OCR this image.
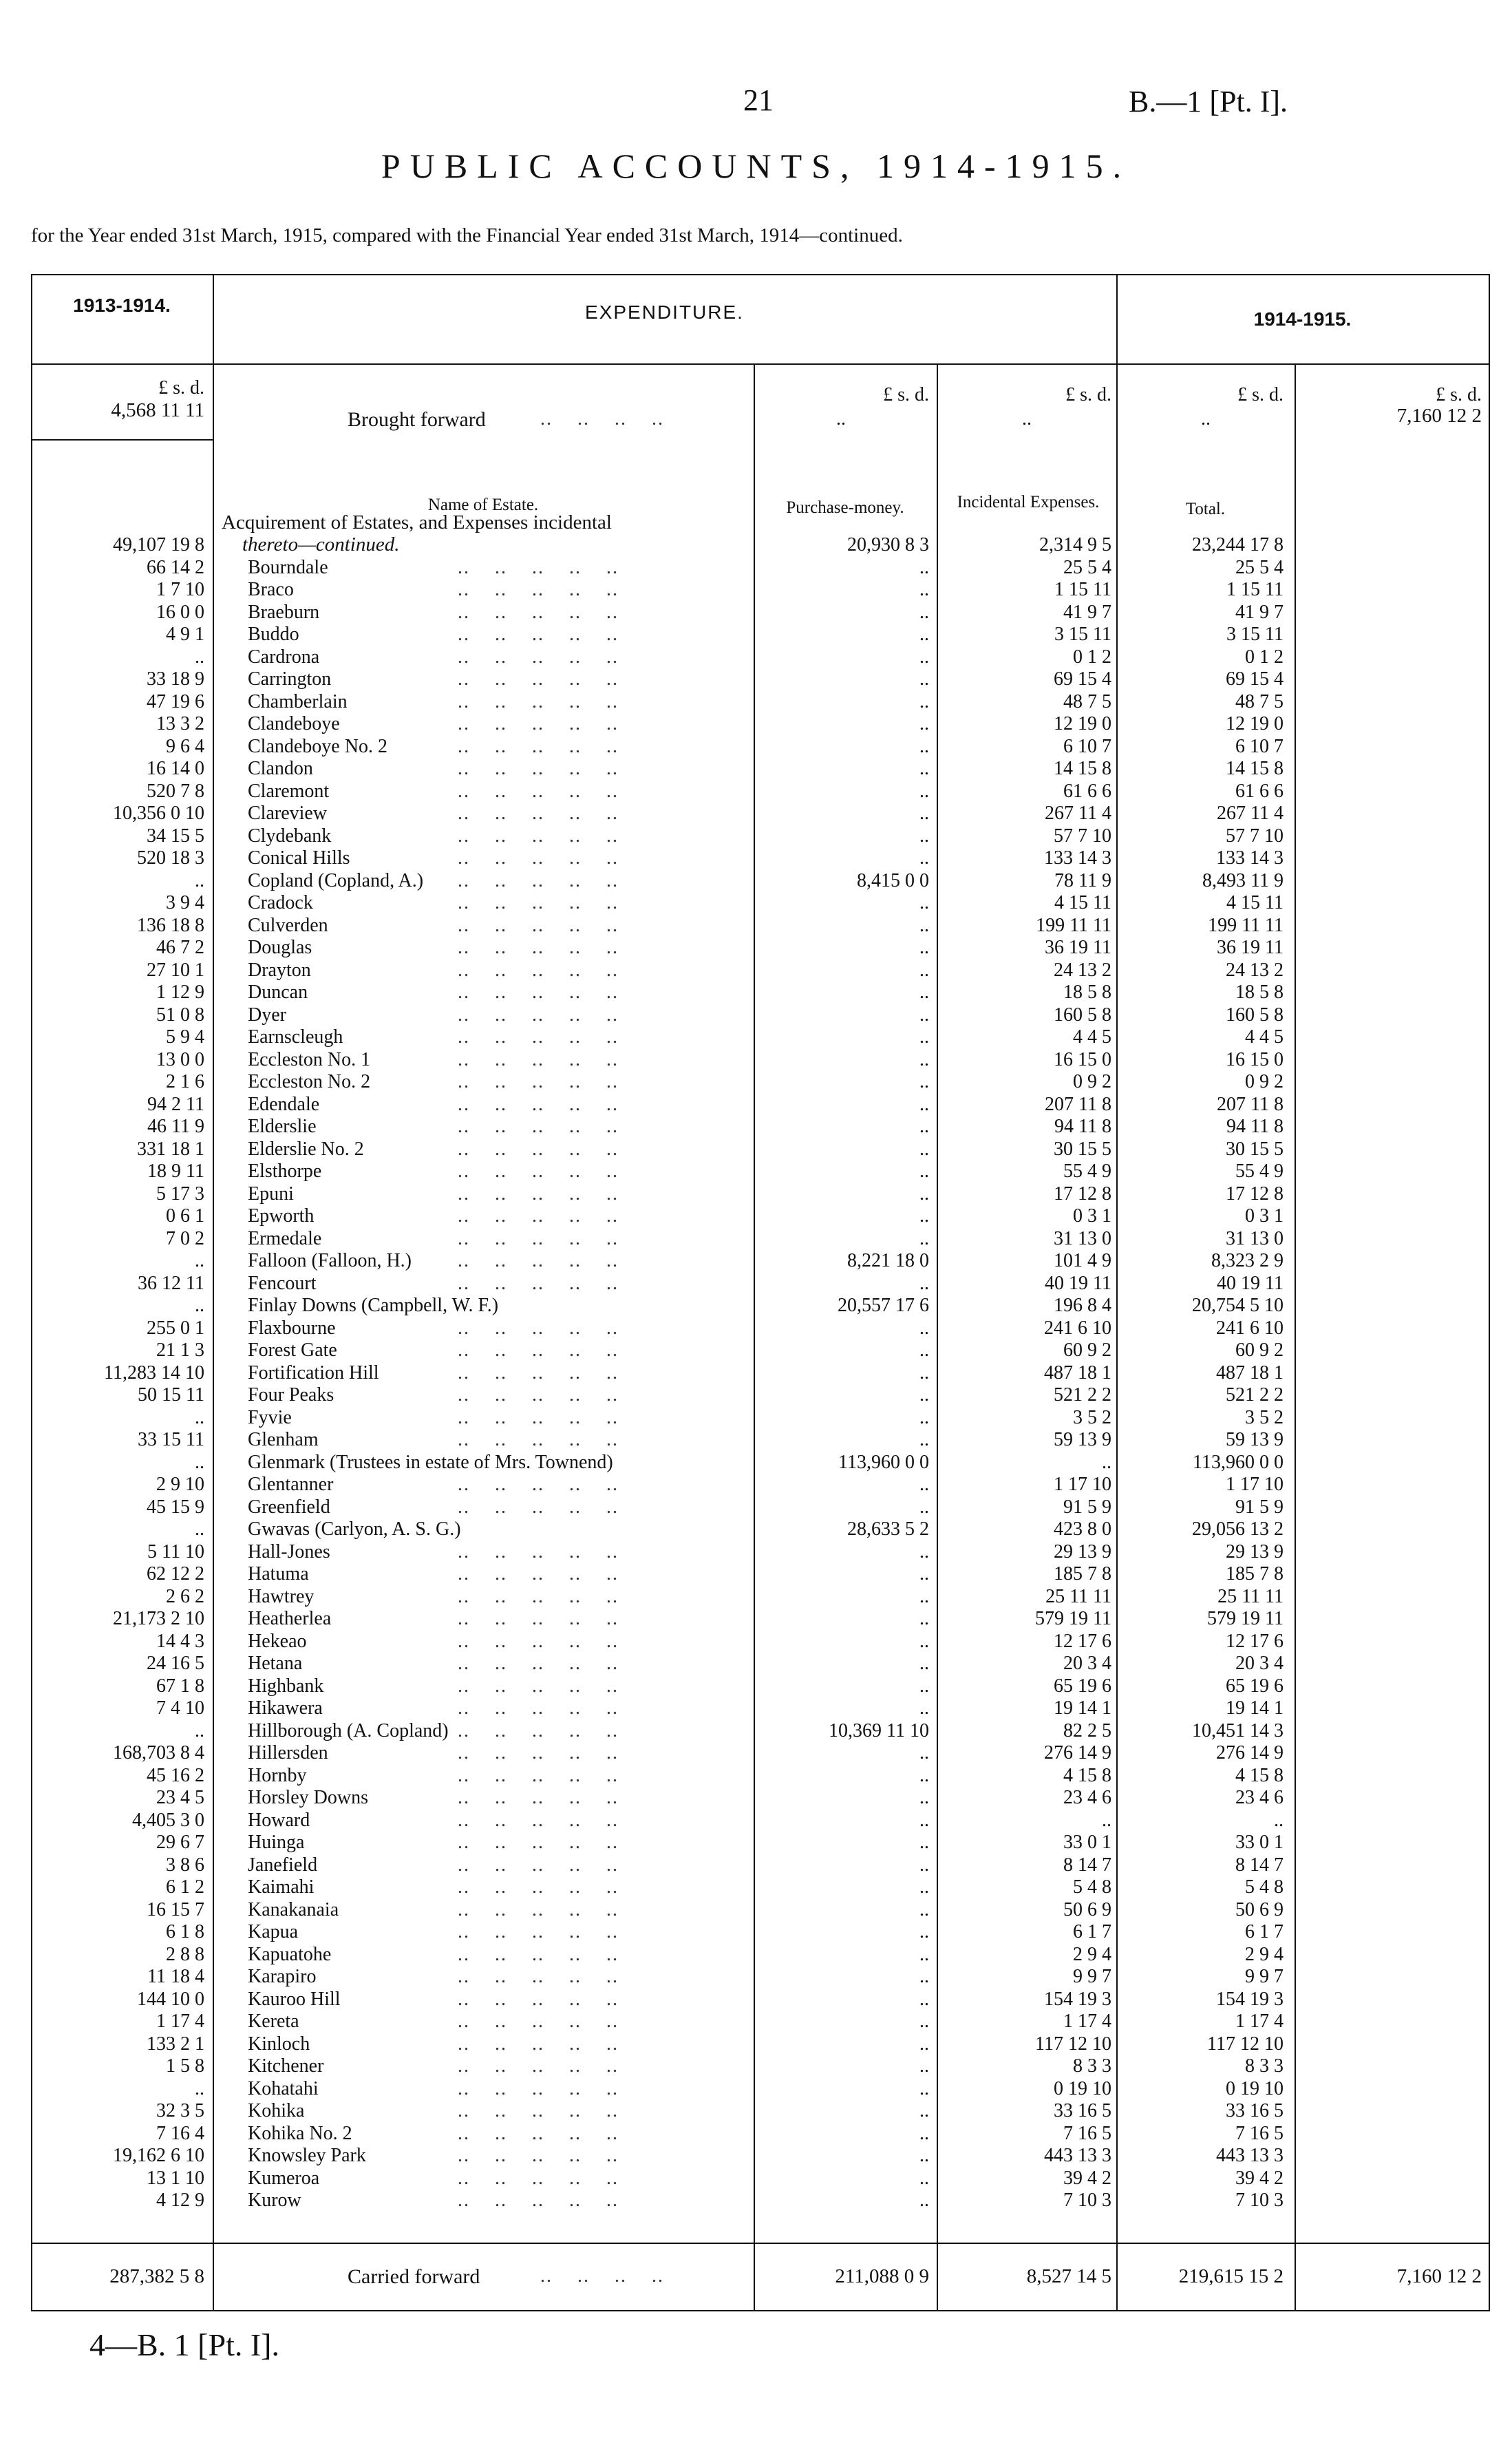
21	B.—1 [Pt. I].
PUBLIC ACCOUNTS, 1914-1915.
for the Year ended 31st March, 1915, compared with the Financial Year ended 31st March, 1914—continued.
1913-1914.	EXPENDITURE.	1914-1915.
£ s. d.	£ s. d.	£ s. d.	£ s. d.	£ s. d.
4,568 11 11	Brought forward	..    ..    ..    ..	..	..	..	7,160 12 2
Name of Estate.
Acquirement of Estates, and Expenses incidental
thereto—continued.
Purchase-money.	Incidental Expenses.	Total.
49,107 19 8	20,930 8 3	2,314 9 5	23,244 17 8
66 14 2 Bourndale	..    ..    ..    ..    ..	..	25 5 4	25 5 4
1 7 10 Braco	..    ..    ..    ..    ..	..	1 15 11	1 15 11
16 0 0 Braeburn	..    ..    ..    ..    ..	..	41 9 7	41 9 7
4 9 1 Buddo	..    ..    ..    ..    ..	..	3 15 11	3 15 11
.. Cardrona	..    ..    ..    ..    ..	..	0 1 2	0 1 2
33 18 9 Carrington	..    ..    ..    ..    ..	..	69 15 4	69 15 4
47 19 6 Chamberlain	..    ..    ..    ..    ..	..	48 7 5	48 7 5
13 3 2 Clandeboye	..    ..    ..    ..    ..	..	12 19 0	12 19 0
9 6 4 Clandeboye No. 2	..    ..    ..    ..    ..	..	6 10 7	6 10 7
16 14 0 Clandon	..    ..    ..    ..    ..	..	14 15 8	14 15 8
520 7 8 Claremont	..    ..    ..    ..    ..	..	61 6 6	61 6 6
10,356 0 10 Clareview	..    ..    ..    ..    ..	..	267 11 4	267 11 4
34 15 5 Clydebank	..    ..    ..    ..    ..	..	57 7 10	57 7 10
520 18 3 Conical Hills	..    ..    ..    ..    ..	..	133 14 3	133 14 3
.. Copland (Copland, A.) ..    ..    ..    ..    ..	8,415 0 0	78 11 9	8,493 11 9
3 9 4 Cradock	..    ..    ..    ..    ..	..	4 15 11	4 15 11
136 18 8 Culverden	..    ..    ..    ..    ..	..	199 11 11	199 11 11
46 7 2 Douglas	..    ..    ..    ..    ..	..	36 19 11	36 19 11
27 10 1 Drayton	..    ..    ..    ..    ..	..	24 13 2	24 13 2
1 12 9 Duncan	..    ..    ..    ..    ..	..	18 5 8	18 5 8
51 0 8 Dyer	..    ..    ..    ..    ..	..	160 5 8	160 5 8
5 9 4 Earnscleugh	..    ..    ..    ..    ..	..	4 4 5	4 4 5
13 0 0 Eccleston No. 1	..    ..    ..    ..    ..	..	16 15 0	16 15 0
2 1 6 Eccleston No. 2	..    ..    ..    ..    ..	..	0 9 2	0 9 2
94 2 11 Edendale	..    ..    ..    ..    ..	..	207 11 8	207 11 8
46 11 9 Elderslie	..    ..    ..    ..    ..	..	94 11 8	94 11 8
331 18 1 Elderslie No. 2	..    ..    ..    ..    ..	..	30 15 5	30 15 5
18 9 11 Elsthorpe	..    ..    ..    ..    ..	..	55 4 9	55 4 9
5 17 3 Epuni	..    ..    ..    ..    ..	..	17 12 8	17 12 8
0 6 1 Epworth	..    ..    ..    ..    ..	..	0 3 1	0 3 1
7 0 2 Ermedale	..    ..    ..    ..    ..	..	31 13 0	31 13 0
.. Falloon (Falloon, H.) ..    ..    ..    ..    ..	8,221 18 0	101 4 9	8,323 2 9
36 12 11 Fencourt	..    ..    ..    ..    ..	..	40 19 11	40 19 11
.. Finlay Downs (Campbell, W. F.)	20,557 17 6	196 8 4	20,754 5 10
255 0 1 Flaxbourne	..    ..    ..    ..    ..	..	241 6 10	241 6 10
21 1 3 Forest Gate	..    ..    ..    ..    ..	..	60 9 2	60 9 2
11,283 14 10 Fortification Hill	..    ..    ..    ..    ..	..	487 18 1	487 18 1
50 15 11 Four Peaks	..    ..    ..    ..    ..	..	521 2 2	521 2 2
.. Fyvie	..    ..    ..    ..    ..	..	3 5 2	3 5 2
33 15 11 Glenham	..    ..    ..    ..    ..	..	59 13 9	59 13 9
.. Glenmark (Trustees in estate of Mrs. Townend)	113,960 0 0	..	113,960 0 0
2 9 10 Glentanner	..    ..    ..    ..    ..	..	1 17 10	1 17 10
45 15 9 Greenfield	..    ..    ..    ..    ..	..	91 5 9	91 5 9
.. Gwavas (Carlyon, A. S. G.)	28,633 5 2	423 8 0	29,056 13 2
5 11 10 Hall-Jones	..    ..    ..    ..    ..	..	29 13 9	29 13 9
62 12 2 Hatuma	..    ..    ..    ..    ..	..	185 7 8	185 7 8
2 6 2 Hawtrey	..    ..    ..    ..    ..	..	25 11 11	25 11 11
21,173 2 10 Heatherlea	..    ..    ..    ..    ..	..	579 19 11	579 19 11
14 4 3 Hekeao	..    ..    ..    ..    ..	..	12 17 6	12 17 6
24 16 5 Hetana	..    ..    ..    ..    ..	..	20 3 4	20 3 4
67 1 8 Highbank	..    ..    ..    ..    ..	..	65 19 6	65 19 6
7 4 10 Hikawera	..    ..    ..    ..    ..	..	19 14 1	19 14 1
.. Hillborough (A. Copland) ..    ..    ..    ..    ..	10,369 11 10	82 2 5	10,451 14 3
168,703 8 4 Hillersden	..    ..    ..    ..    ..	..	276 14 9	276 14 9
45 16 2 Hornby	..    ..    ..    ..    ..	..	4 15 8	4 15 8
23 4 5 Horsley Downs	..    ..    ..    ..    ..	..	23 4 6	23 4 6
4,405 3 0 Howard	..    ..    ..    ..    ..	..	..	..
29 6 7 Huinga	..    ..    ..    ..    ..	..	33 0 1	33 0 1
3 8 6 Janefield	..    ..    ..    ..    ..	..	8 14 7	8 14 7
6 1 2 Kaimahi	..    ..    ..    ..    ..	..	5 4 8	5 4 8
16 15 7 Kanakanaia	..    ..    ..    ..    ..	..	50 6 9	50 6 9
6 1 8 Kapua	..    ..    ..    ..    ..	..	6 1 7	6 1 7
2 8 8 Kapuatohe	..    ..    ..    ..    ..	..	2 9 4	2 9 4
11 18 4 Karapiro	..    ..    ..    ..    ..	..	9 9 7	9 9 7
144 10 0 Kauroo Hill	..    ..    ..    ..    ..	..	154 19 3	154 19 3
1 17 4 Kereta	..    ..    ..    ..    ..	..	1 17 4	1 17 4
133 2 1 Kinloch	..    ..    ..    ..    ..	..	117 12 10	117 12 10
1 5 8 Kitchener	..    ..    ..    ..    ..	..	8 3 3	8 3 3
.. Kohatahi	..    ..    ..    ..    ..	..	0 19 10	0 19 10
32 3 5 Kohika	..    ..    ..    ..    ..	..	33 16 5	33 16 5
7 16 4 Kohika No. 2	..    ..    ..    ..    ..	..	7 16 5	7 16 5
19,162 6 10 Knowsley Park	..    ..    ..    ..    ..	..	443 13 3	443 13 3
13 1 10 Kumeroa	..    ..    ..    ..    ..	..	39 4 2	39 4 2
4 12 9 Kurow	..    ..    ..    ..    ..	..	7 10 3	7 10 3
287,382 5 8	Carried forward	..    ..    ..    ..	211,088 0 9	8,527 14 5	219,615 15 2	7,160 12 2
4—B. 1 [Pt. I].
